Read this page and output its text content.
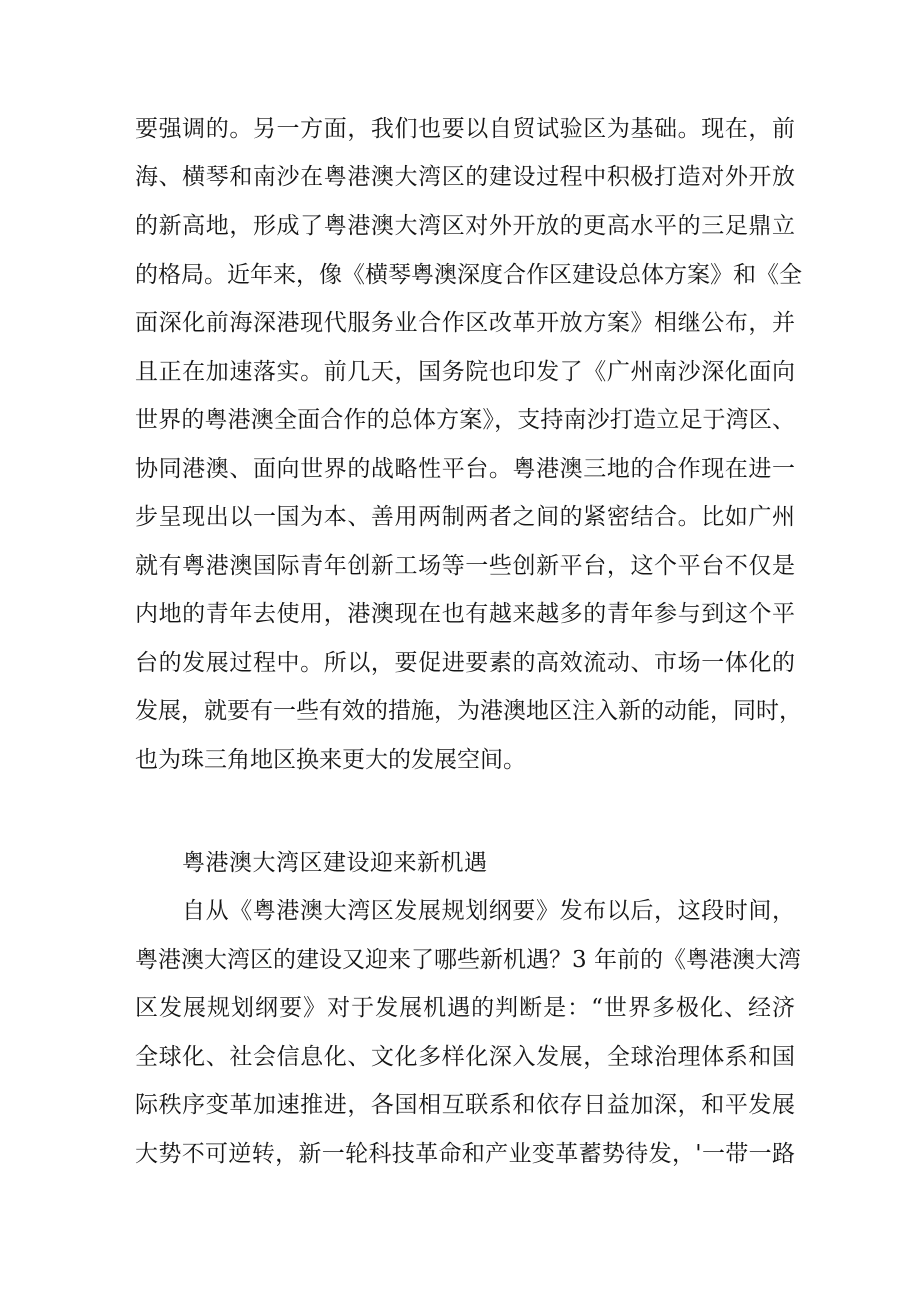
要强调的。另一方面，我们也要以自贸试验区为基础。现在，前
海、横琴和南沙在粤港澳大湾区的建设过程中积极打造对外开放
的新高地，形成了粤港澳大湾区对外开放的更高水平的三足鼎立
的格局。近年来，像《横琴粤澳深度合作区建设总体方案》和《全
面深化前海深港现代服务业合作区改革开放方案》相继公布，并
且正在加速落实。前几天，国务院也印发了《广州南沙深化面向
世界的粤港澳全面合作的总体方案》，支持南沙打造立足于湾区、
协同港澳、面向世界的战略性平台。粤港澳三地的合作现在进一
步呈现出以一国为本、善用两制两者之间的紧密结合。比如广州
就有粤港澳国际青年创新工场等一些创新平台，这个平台不仅是
内地的青年去使用，港澳现在也有越来越多的青年参与到这个平
台的发展过程中。所以，要促进要素的高效流动、市场一体化的
发展，就要有一些有效的措施，为港澳地区注入新的动能，同时，
也为珠三角地区换来更大的发展空间。
粤港澳大湾区建设迎来新机遇
自从《粤港澳大湾区发展规划纲要》发布以后，这段时间，
粤港澳大湾区的建设又迎来了哪些新机遇？3 年前的《粤港澳大湾
区发展规划纲要》对于发展机遇的判断是：“世界多极化、经济
全球化、社会信息化、文化多样化深入发展，全球治理体系和国
际秩序变革加速推进，各国相互联系和依存日益加深，和平发展
大势不可逆转，新一轮科技革命和产业变革蓄势待发，'一带一路
